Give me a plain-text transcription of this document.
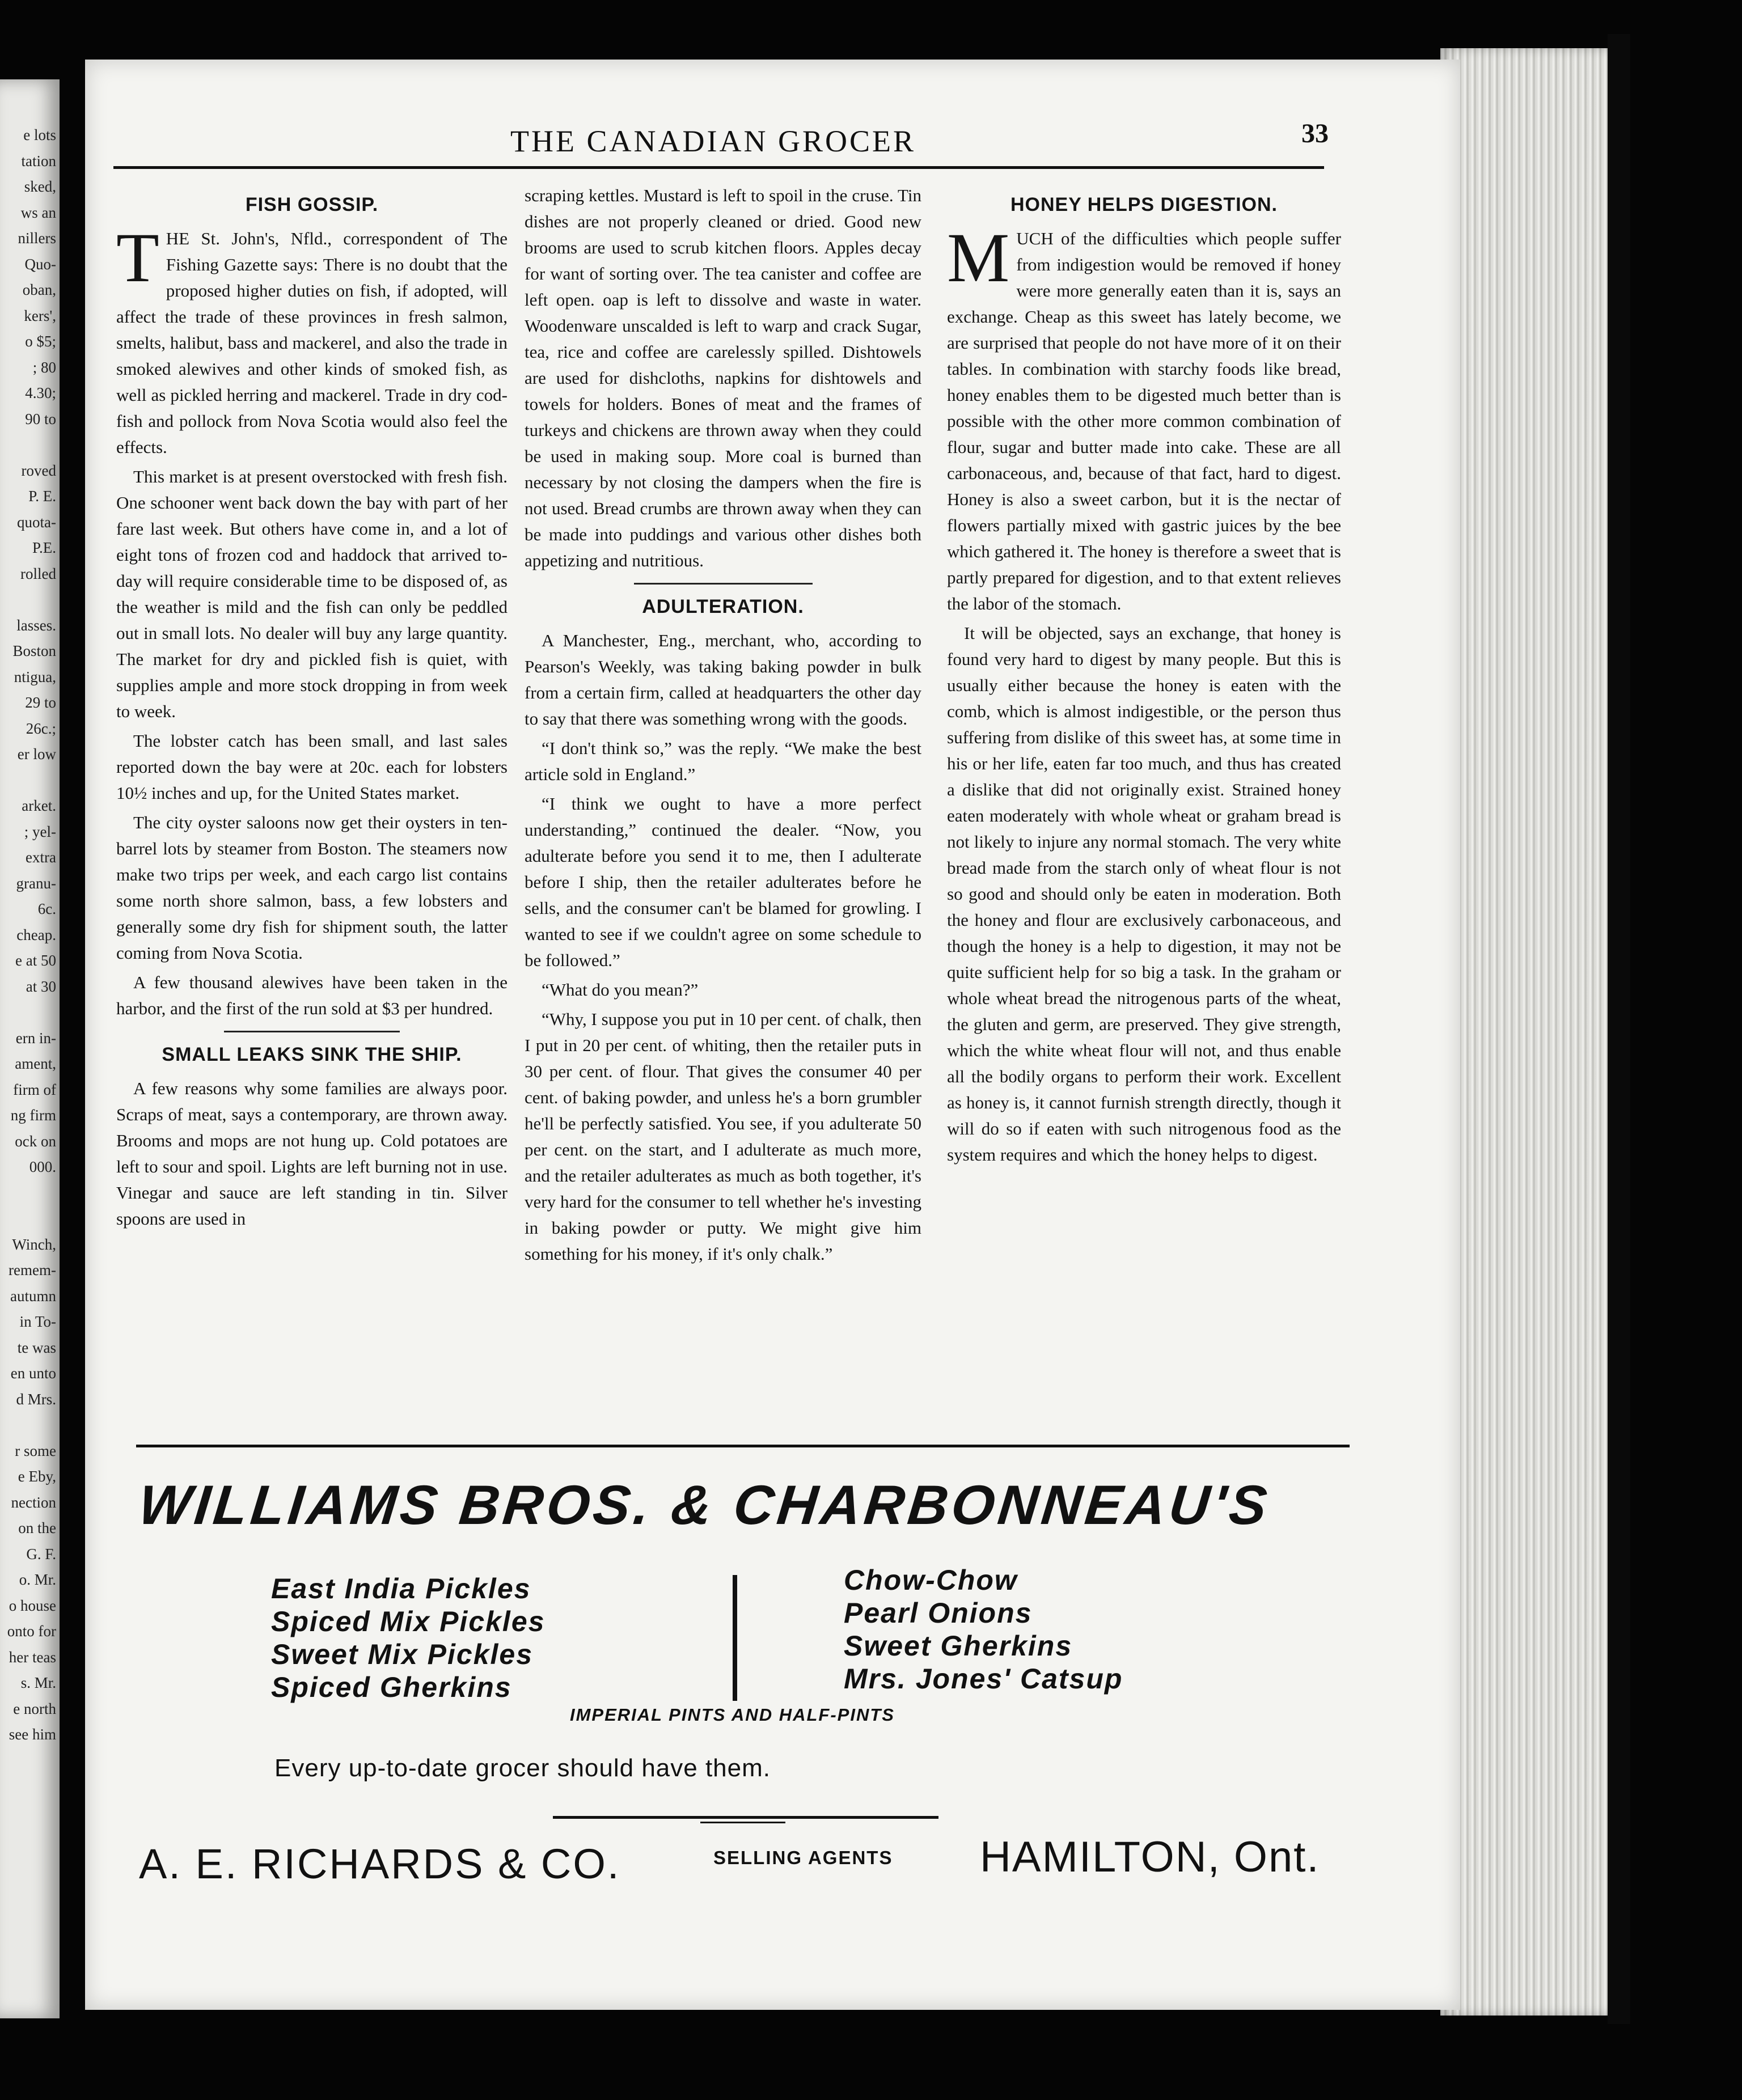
e lots
tation
sked,
ws an
nillers
Quo-
oban,
kers',
o $5;
; 80
4.30;
90 to
roved
P. E.
quota-
P.E.
rolled
lasses.
Boston
ntigua,
29 to
26c.;
er low
arket.
; yel-
extra
granu-
6c.
cheap.
e at 50
at 30
ern in-
ament,
firm of
ng firm
ock on
000.
Winch,
remem-
autumn
in To-
te was
en unto
d Mrs.
r some
e Eby,
nection
on the
G. F.
o. Mr.
o house
onto for
her teas
s. Mr.
e north
see him
THE CANADIAN GROCER	33
FISH GOSSIP.

THE St. John's, Nfld., correspondent of The Fishing Gazette says: There is no doubt that the proposed higher duties on fish, if adopted, will affect the trade of these provinces in fresh salmon, smelts, halibut, bass and mackerel, and also the trade in smoked alewives and other kinds of smoked fish, as well as pickled herring and mackerel. Trade in dry cod-fish and pollock from Nova Scotia would also feel the effects.

This market is at present overstocked with fresh fish. One schooner went back down the bay with part of her fare last week. But others have come in, and a lot of eight tons of frozen cod and haddock that arrived to-day will require considerable time to be disposed of, as the weather is mild and the fish can only be peddled out in small lots. No dealer will buy any large quantity. The market for dry and pickled fish is quiet, with supplies ample and more stock dropping in from week to week.

The lobster catch has been small, and last sales reported down the bay were at 20c. each for lobsters 10½ inches and up, for the United States market.

The city oyster saloons now get their oysters in ten-barrel lots by steamer from Boston. The steamers now make two trips per week, and each cargo list contains some north shore salmon, bass, a few lobsters and generally some dry fish for shipment south, the latter coming from Nova Scotia.

A few thousand alewives have been taken in the harbor, and the first of the run sold at $3 per hundred.

SMALL LEAKS SINK THE SHIP.

A few reasons why some families are always poor. Scraps of meat, says a contemporary, are thrown away. Brooms and mops are not hung up. Cold potatoes are left to sour and spoil. Lights are left burning not in use. Vinegar and sauce are left standing in tin. Silver spoons are used in

scraping kettles. Mustard is left to spoil in the cruse. Tin dishes are not properly cleaned or dried. Good new brooms are used to scrub kitchen floors. Apples decay for want of sorting over. The tea canister and coffee are left open. oap is left to dissolve and waste in water. Woodenware unscalded is left to warp and crack Sugar, tea, rice and coffee are carelessly spilled. Dishtowels are used for dishcloths, napkins for dishtowels and towels for holders. Bones of meat and the frames of turkeys and chickens are thrown away when they could be used in making soup. More coal is burned than necessary by not closing the dampers when the fire is not used. Bread crumbs are thrown away when they can be made into puddings and various other dishes both appetizing and nutritious.

ADULTERATION.

A Manchester, Eng., merchant, who, according to Pearson's Weekly, was taking baking powder in bulk from a certain firm, called at headquarters the other day to say that there was something wrong with the goods.

“I don't think so,” was the reply. “We make the best article sold in England.”

“I think we ought to have a more perfect understanding,” continued the dealer. “Now, you adulterate before you send it to me, then I adulterate before I ship, then the retailer adulterates before he sells, and the consumer can't be blamed for growling. I wanted to see if we couldn't agree on some schedule to be followed.”

“What do you mean?”

“Why, I suppose you put in 10 per cent. of chalk, then I put in 20 per cent. of whiting, then the retailer puts in 30 per cent. of flour. That gives the consumer 40 per cent. of baking powder, and unless he's a born grumbler he'll be perfectly satisfied. You see, if you adulterate 50 per cent. on the start, and I adulterate as much more, and the retailer adulterates as much as both together, it's very hard for the consumer to tell whether he's investing in baking powder or putty. We might give him something for his money, if it's only chalk.”

HONEY HELPS DIGESTION.

MUCH of the difficulties which people suffer from indigestion would be removed if honey were more generally eaten than it is, says an exchange. Cheap as this sweet has lately become, we are surprised that people do not have more of it on their tables. In combination with starchy foods like bread, honey enables them to be digested much better than is possible with the other more common combination of flour, sugar and butter made into cake. These are all carbonaceous, and, because of that fact, hard to digest. Honey is also a sweet carbon, but it is the nectar of flowers partially mixed with gastric juices by the bee which gathered it. The honey is therefore a sweet that is partly prepared for digestion, and to that extent relieves the labor of the stomach.

It will be objected, says an exchange, that honey is found very hard to digest by many people. But this is usually either because the honey is eaten with the comb, which is almost indigestible, or the person thus suffering from dislike of this sweet has, at some time in his or her life, eaten far too much, and thus has created a dislike that did not originally exist. Strained honey eaten moderately with whole wheat or graham bread is not likely to injure any normal stomach. The very white bread made from the starch only of wheat flour is not so good and should only be eaten in moderation. Both the honey and flour are exclusively carbonaceous, and though the honey is a help to digestion, it may not be quite sufficient help for so big a task. In the graham or whole wheat bread the nitrogenous parts of the wheat, the gluten and germ, are preserved. They give strength, which the white wheat flour will not, and thus enable all the bodily organs to perform their work. Excellent as honey is, it cannot furnish strength directly, though it will do so if eaten with such nitrogenous food as the system requires and which the honey helps to digest.

WILLIAMS BROS. & CHARBONNEAU'S
East India Pickles
Spiced Mix Pickles
Sweet Mix Pickles
Spiced Gherkins
Chow-Chow
Pearl Onions
Sweet Gherkins
Mrs. Jones' Catsup
IMPERIAL PINTS AND HALF-PINTS
Every up-to-date grocer should have them.
A. E. RICHARDS & CO.	SELLING AGENTS HAMILTON, Ont.
